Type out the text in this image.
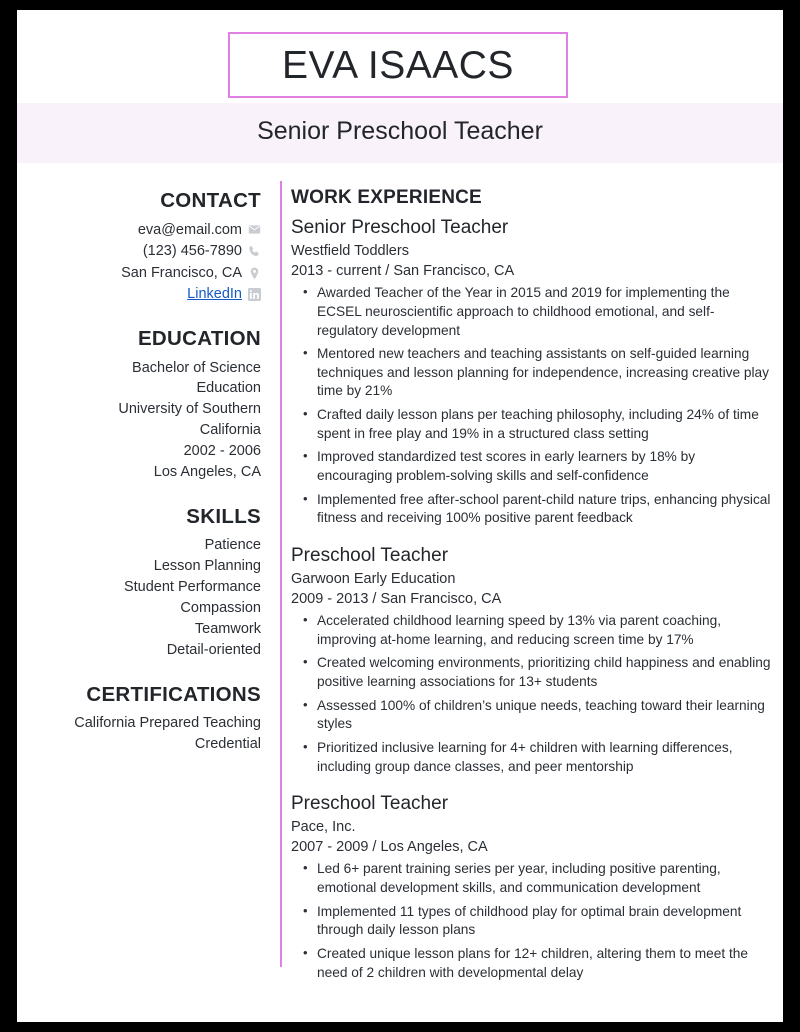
EVA ISAACS
Senior Preschool Teacher
CONTACT
eva@email.com
(123) 456-7890
San Francisco, CA
LinkedIn
EDUCATION
Bachelor of Science
Education
University of Southern
California
2002 - 2006
Los Angeles, CA
SKILLS
Patience
Lesson Planning
Student Performance
Compassion
Teamwork
Detail-oriented
CERTIFICATIONS
California Prepared Teaching
Credential
WORK EXPERIENCE
Senior Preschool Teacher
Westfield Toddlers
2013 - current / San Francisco, CA
• Awarded Teacher of the Year in 2015 and 2019 for implementing the ECSEL neuroscientific approach to childhood emotional, and self-regulatory development
• Mentored new teachers and teaching assistants on self-guided learning techniques and lesson planning for independence, increasing creative play time by 21%
• Crafted daily lesson plans per teaching philosophy, including 24% of time spent in free play and 19% in a structured class setting
• Improved standardized test scores in early learners by 18% by encouraging problem-solving skills and self-confidence
• Implemented free after-school parent-child nature trips, enhancing physical fitness and receiving 100% positive parent feedback
Preschool Teacher
Garwoon Early Education
2009 - 2013 / San Francisco, CA
• Accelerated childhood learning speed by 13% via parent coaching, improving at-home learning, and reducing screen time by 17%
• Created welcoming environments, prioritizing child happiness and enabling positive learning associations for 13+ students
• Assessed 100% of children’s unique needs, teaching toward their learning styles
• Prioritized inclusive learning for 4+ children with learning differences, including group dance classes, and peer mentorship
Preschool Teacher
Pace, Inc.
2007 - 2009 / Los Angeles, CA
• Led 6+ parent training series per year, including positive parenting, emotional development skills, and communication development
• Implemented 11 types of childhood play for optimal brain development through daily lesson plans
• Created unique lesson plans for 12+ children, altering them to meet the need of 2 children with developmental delay
